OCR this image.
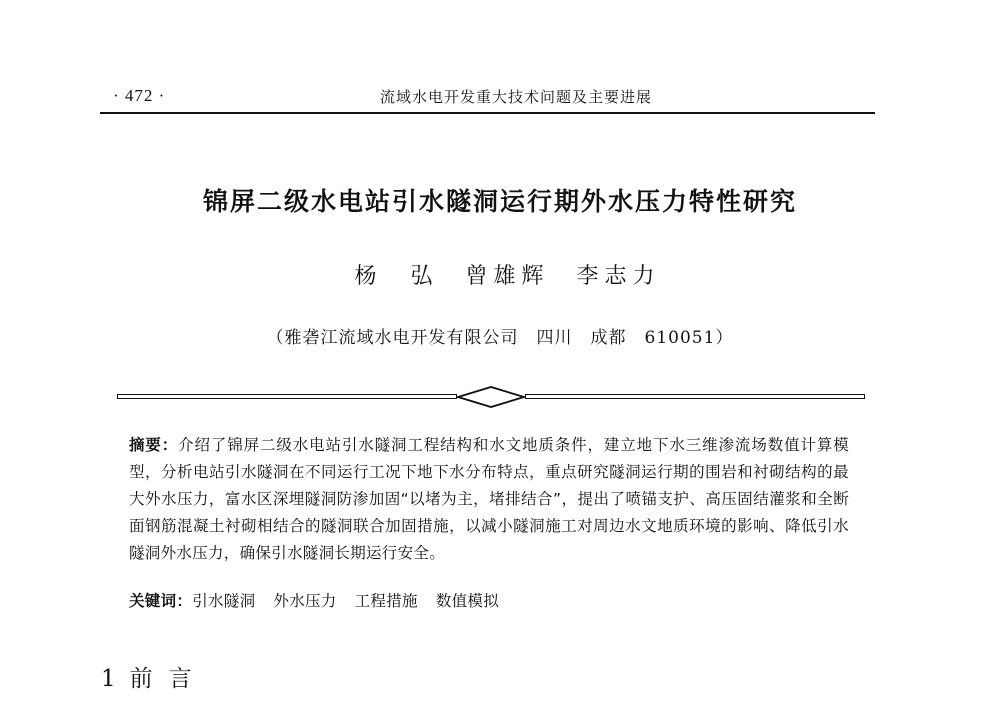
· 472 ·	流域水电开发重大技术问题及主要进展
锦屏二级水电站引水隧洞运行期外水压力特性研究
杨　弘 曾雄辉 李志力
（雅砻江流域水电开发有限公司　四川　成都　610051）
摘要：介绍了锦屏二级水电站引水隧洞工程结构和水文地质条件，建立地下水三维渗流场数值计算模型，分析电站引水隧洞在不同运行工况下地下水分布特点，重点研究隧洞运行期的围岩和衬砌结构的最大外水压力，富水区深埋隧洞防渗加固“以堵为主，堵排结合”，提出了喷锚支护、高压固结灌浆和全断面钢筋混凝土衬砌相结合的隧洞联合加固措施，以减小隧洞施工对周边水文地质环境的影响、降低引水隧洞外水压力，确保引水隧洞长期运行安全。
关键词：引水隧洞 外水压力 工程措施 数值模拟
1 前言
